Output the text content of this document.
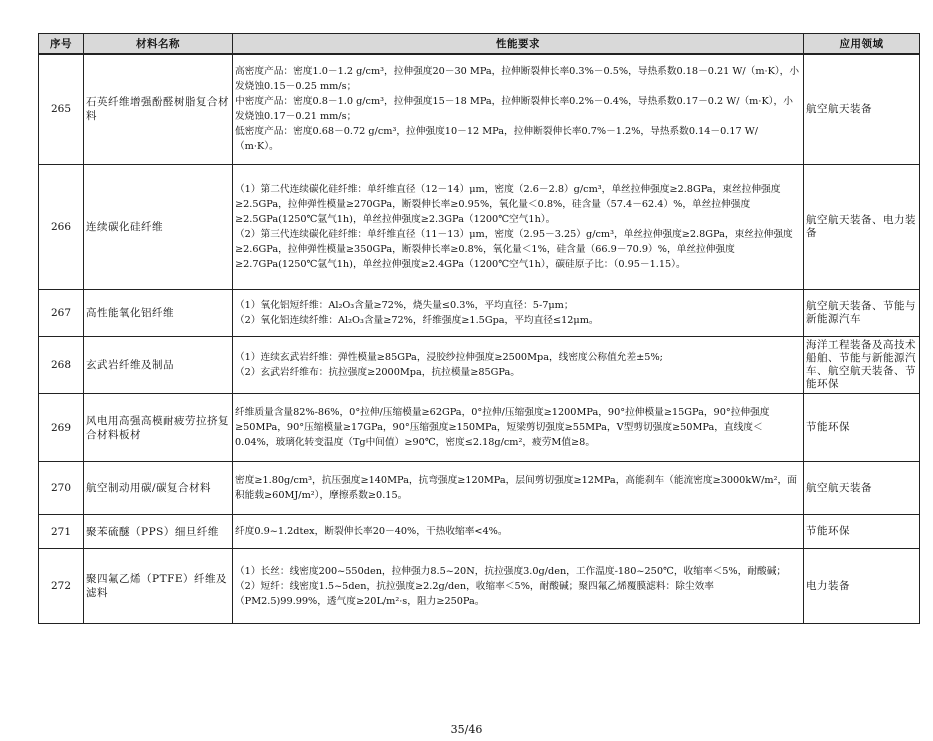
序号	材料名称	性能要求	应用领域
265	石英纤维增强酚醛树脂复合材料	高密度产品：密度1.0－1.2 g/cm³，拉伸强度20－30 MPa，拉伸断裂伸长率0.3%－0.5%，导热系数0.18－0.21 W/（m·K），小发烧蚀0.15－0.25 mm/s；
中密度产品：密度0.8－1.0 g/cm³，拉伸强度15－18 MPa，拉伸断裂伸长率0.2%－0.4%，导热系数0.17－0.2 W/（m·K），小发烧蚀0.17－0.21 mm/s；
低密度产品：密度0.68－0.72 g/cm³，拉伸强度10－12 MPa，拉伸断裂伸长率0.7%－1.2%，导热系数0.14－0.17 W/（m·K）。	航空航天装备
266	连续碳化硅纤维	（1）第二代连续碳化硅纤维：单纤维直径（12－14）μm，密度（2.6－2.8）g/cm³，单丝拉伸强度≥2.8GPa，束丝拉伸强度≥2.5GPa，拉伸弹性模量≥270GPa，断裂伸长率≥0.95%，氧化量＜0.8%，硅含量（57.4－62.4）%，单丝拉伸强度≥2.5GPa(1250℃氩气1h)，单丝拉伸强度≥2.3GPa（1200℃空气1h）。
（2）第三代连续碳化硅纤维：单纤维直径（11－13）μm，密度（2.95－3.25）g/cm³，单丝拉伸强度≥2.8GPa，束丝拉伸强度≥2.6GPa，拉伸弹性模量≥350GPa，断裂伸长率≥0.8%，氧化量＜1%，硅含量（66.9－70.9）%，单丝拉伸强度≥2.7GPa(1250℃氩气1h)，单丝拉伸强度≥2.4GPa（1200℃空气1h），碳硅原子比：（0.95－1.15）。	航空航天装备、电力装备
267	高性能氧化铝纤维	（1）氧化铝短纤维：Al₂O₃含量≥72%，烧失量≤0.3%，平均直径：5-7μm；
（2）氧化铝连续纤维：Al₂O₃含量≥72%，纤维强度≥1.5Gpa，平均直径≤12μm。	航空航天装备、节能与新能源汽车
268	玄武岩纤维及制品	（1）连续玄武岩纤维：弹性模量≥85GPa，浸胶纱拉伸强度≥2500Mpa，线密度公称值允差±5%;
（2）玄武岩纤维布：抗拉强度≥2000Mpa，抗拉模量≥85GPa。	海洋工程装备及高技术船舶、节能与新能源汽车、航空航天装备、节能环保
269	风电用高强高模耐疲劳拉挤复合材料板材	纤维质量含量82%-86%，0°拉伸/压缩模量≥62GPa，0°拉伸/压缩强度≥1200MPa，90°拉伸模量≥15GPa，90°拉伸强度≥50MPa，90°压缩模量≥17GPa，90°压缩强度≥150MPa，短梁剪切强度≥55MPa，V型剪切强度≥50MPa，直线度＜0.04%，玻璃化转变温度（Tg中间值）≥90℃，密度≤2.18g/cm²，疲劳M值≥8。	节能环保
270	航空制动用碳/碳复合材料	密度≥1.80g/cm³，抗压强度≥140MPa，抗弯强度≥120MPa，层间剪切强度≥12MPa，高能刹车（能流密度≥3000kW/m²，面积能载≥60MJ/m²），摩擦系数≥0.15。	航空航天装备
271	聚苯硫醚（PPS）细旦纤维	纤度0.9~1.2dtex，断裂伸长率20－40%，干热收缩率<4%。	节能环保
272	聚四氟乙烯（PTFE）纤维及滤料	（1）长丝：线密度200~550den，拉伸强力8.5~20N，抗拉强度3.0g/den，工作温度-180~250℃，收缩率＜5%，耐酸碱；
（2）短纤：线密度1.5~5den，抗拉强度≥2.2g/den，收缩率＜5%，耐酸碱；聚四氟乙烯覆膜滤料：除尘效率（PM2.5)99.99%，透气度≥20L/m²·s，阻力≥250Pa。	电力装备
35/46
